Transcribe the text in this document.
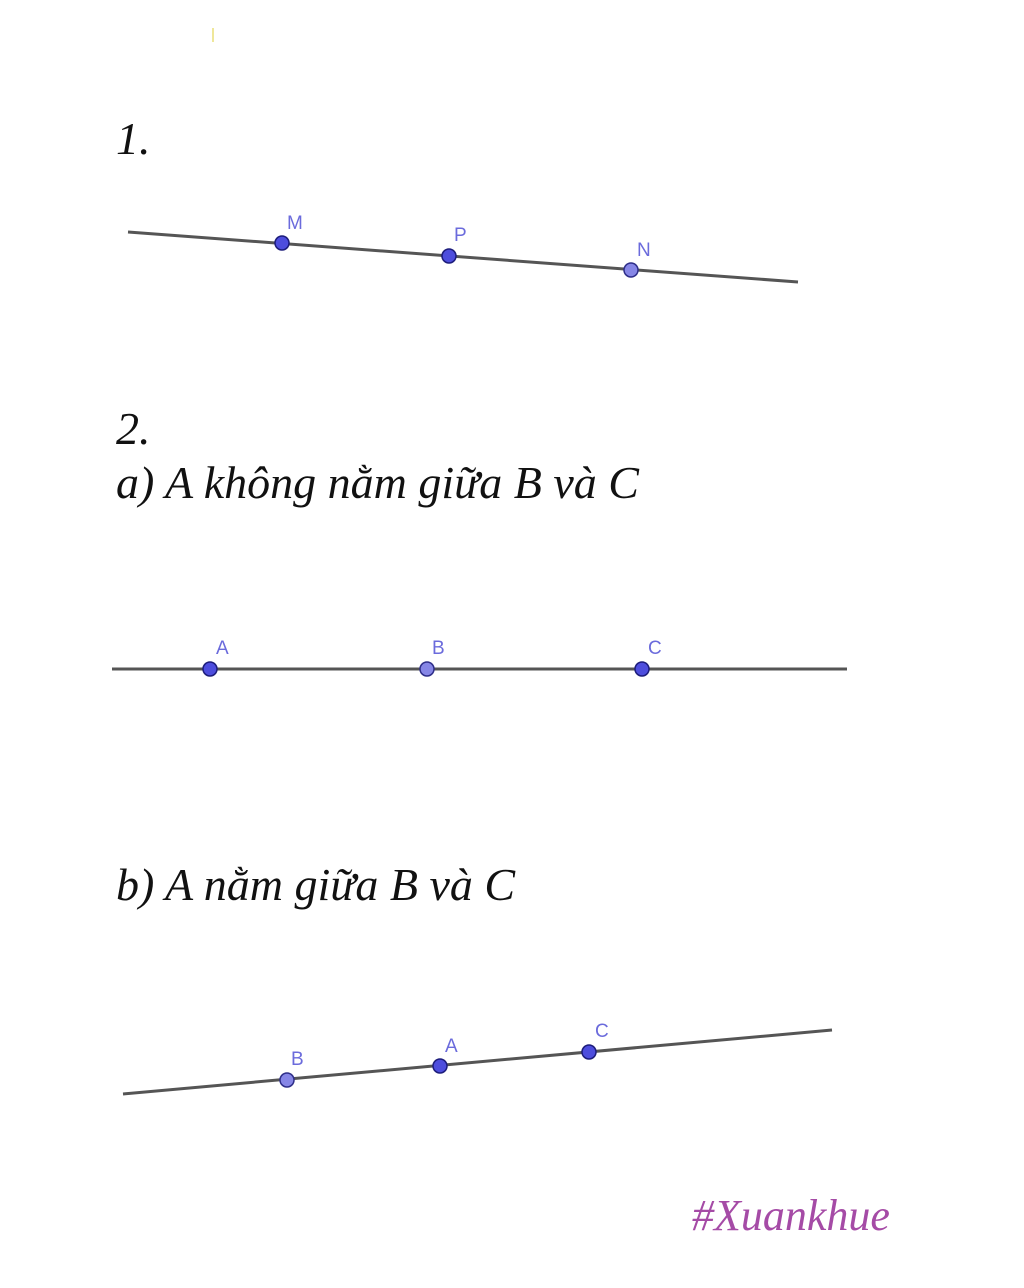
1.
M
P
N
2.
a) A không nằm giữa B và C
A	B	C
b) A nằm giữa B và C
B
A
C
#Xuankhue
